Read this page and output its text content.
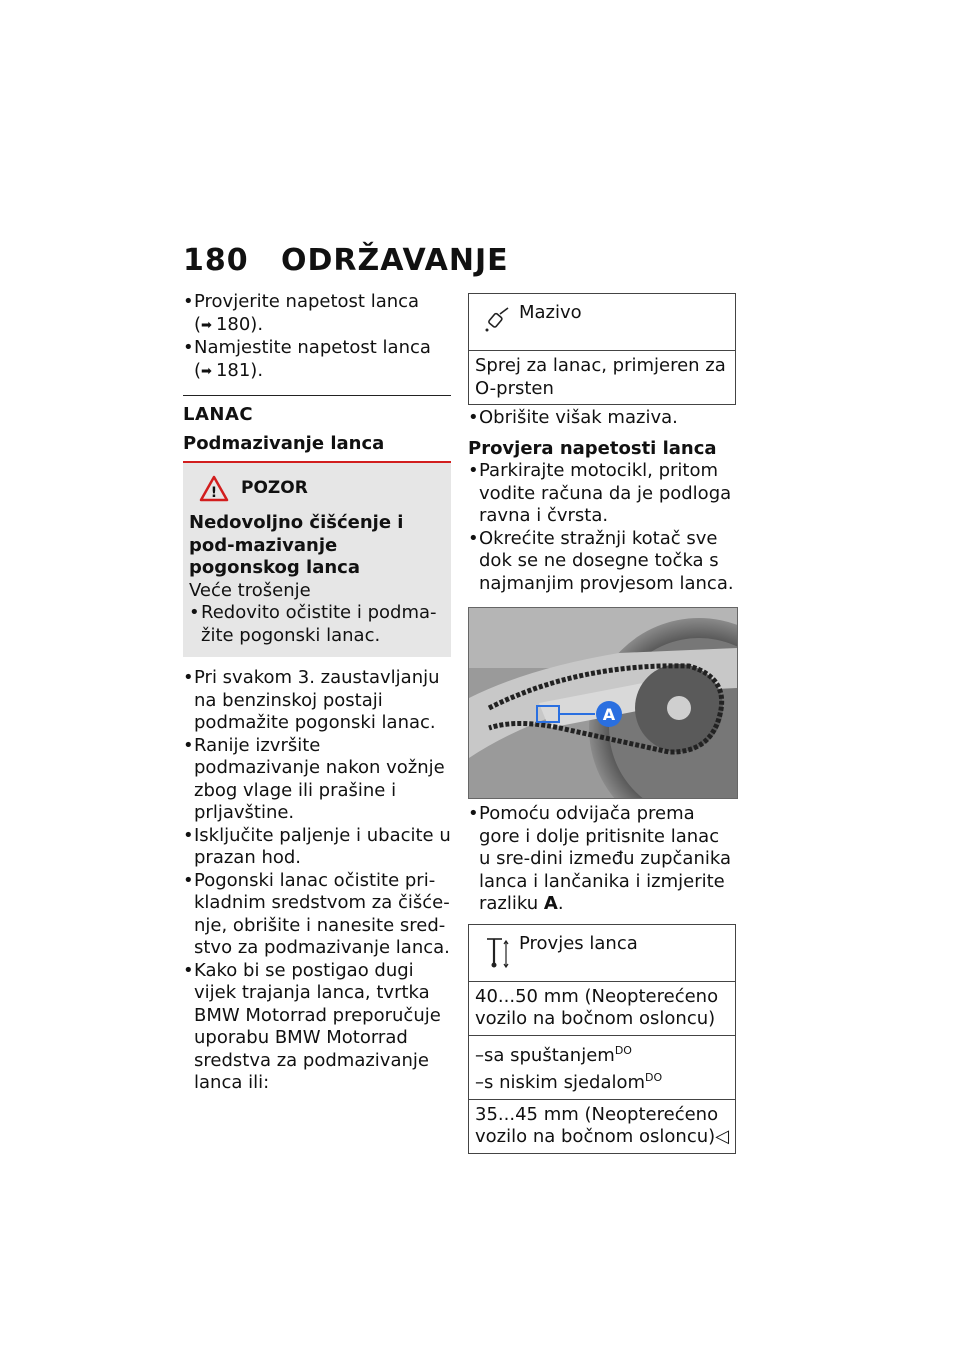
180 ODRŽAVANJE
• Provjerite napetost lanca
(➡ 180).
• Namjestite napetost lanca
(➡ 181).
LANAC
Podmazivanje lanca
! POZOR
Nedovoljno čišćenje i pod-mazivanje pogonskog lanca
Veće trošenje
• Redovito očistite i podma-žite pogonski lanac.
• Pri svakom 3. zaustavljanju na benzinskoj postaji podmažite pogonski lanac.
• Ranije izvršite podmazivanje nakon vožnje zbog vlage ili prašine i prljavštine.
• Isključite paljenje i ubacite u prazan hod.
• Pogonski lanac očistite pri-kladnim sredstvom za čišće-nje, obrišite i nanesite sred-stvo za podmazivanje lanca.
• Kako bi se postigao dugi vijek trajanja lanca, tvrtka BMW Motorrad preporučuje uporabu BMW Motorrad sredstva za podmazivanje lanca ili:
Mazivo
Sprej za lanac, primjeren za O-prsten
• Obrišite višak maziva.
Provjera napetosti lanca
• Parkirajte motocikl, pritom vodite računa da je podloga ravna i čvrsta.
• Okrećite stražnji kotač sve dok se ne dosegne točka s najmanjim provjesom lanca.
A
• Pomoću odvijača prema gore i dolje pritisnite lanac u sre-dini između zupčanika lanca i lančanika i izmjerite razliku A.
Provjes lanca
40...50 mm (Neopterećeno vozilo na bočnom osloncu)
–sa spuštanjem$^{DO}$
–s niskim sjedalom$^{DO}$
35...45 mm (Neopterećeno vozilo na bočnom osloncu)◁
